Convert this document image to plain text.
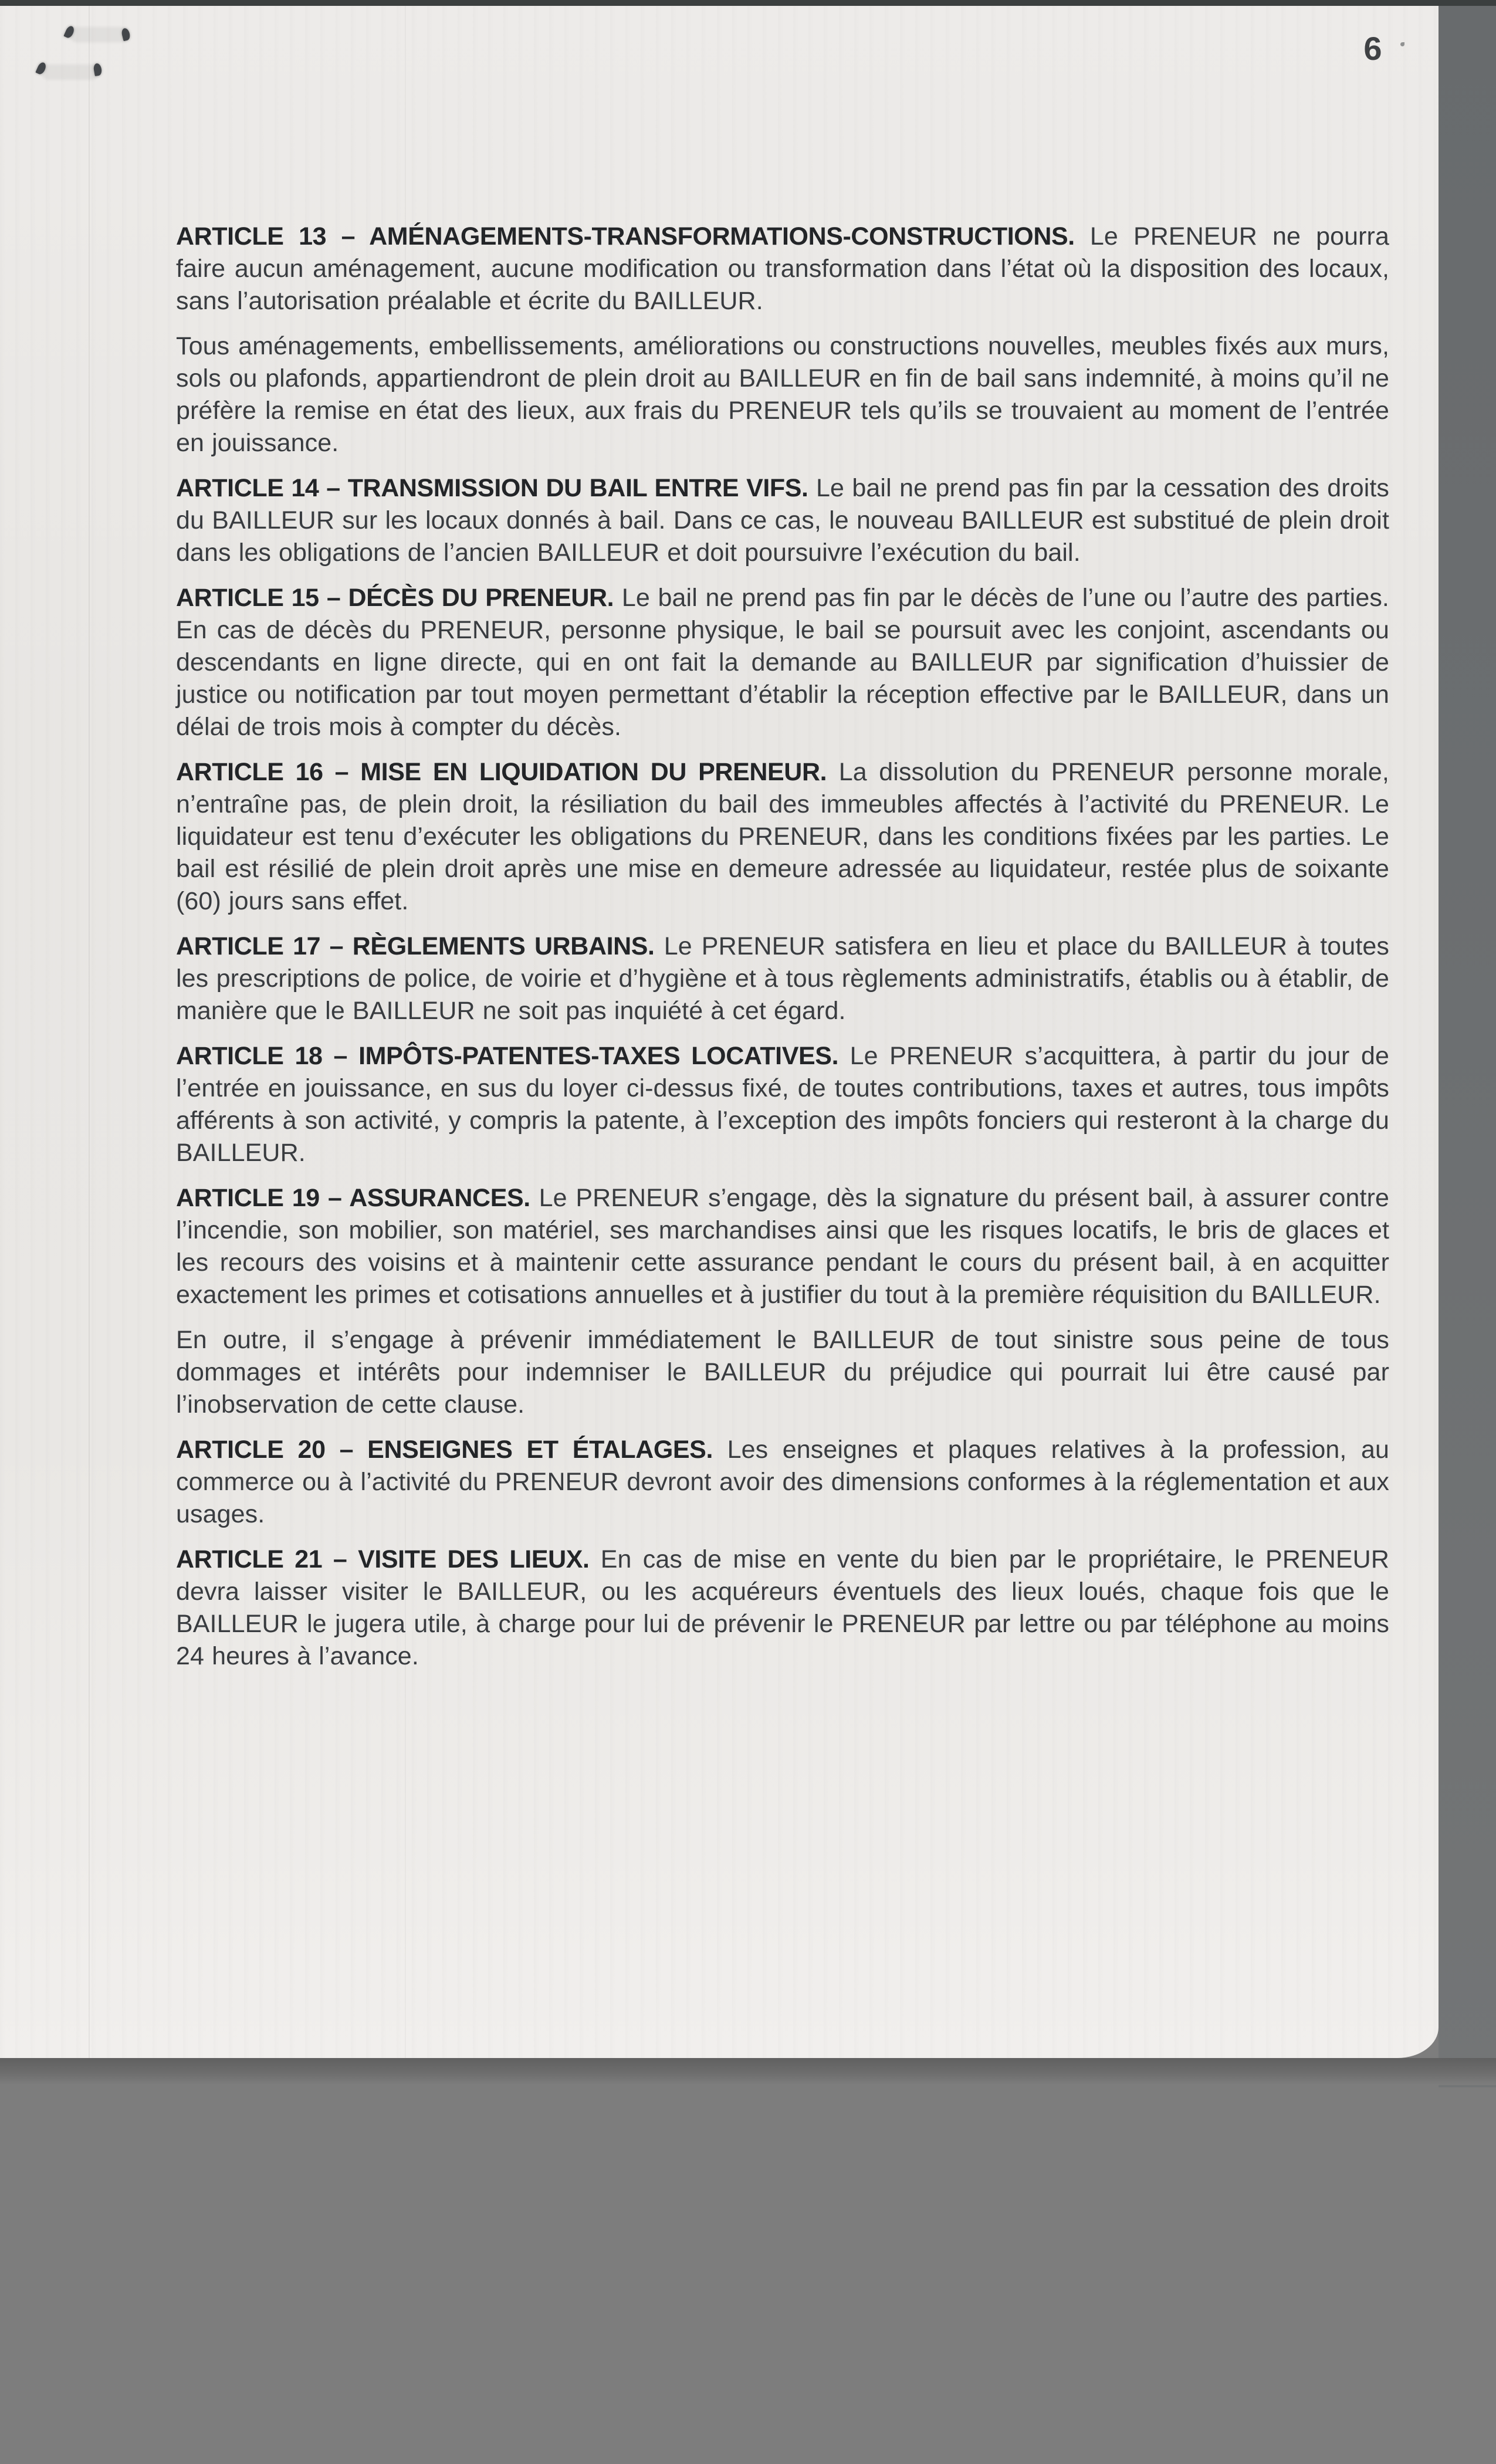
6

ARTICLE 13 – AMÉNAGEMENTS-TRANSFORMATIONS-CONSTRUCTIONS. Le PRENEUR ne pourra faire aucun aménagement, aucune modification ou transformation dans l’état où la disposition des locaux, sans l’autorisation préalable et écrite du BAILLEUR.

Tous aménagements, embellissements, améliorations ou constructions nouvelles, meubles fixés aux murs, sols ou plafonds, appartiendront de plein droit au BAILLEUR en fin de bail sans indemnité, à moins qu’il ne préfère la remise en état des lieux, aux frais du PRENEUR tels qu’ils se trouvaient au moment de l’entrée en jouissance.

ARTICLE 14 – TRANSMISSION DU BAIL ENTRE VIFS. Le bail ne prend pas fin par la cessation des droits du BAILLEUR sur les locaux donnés à bail. Dans ce cas, le nouveau BAILLEUR est substitué de plein droit dans les obligations de l’ancien BAILLEUR et doit poursuivre l’exécution du bail.

ARTICLE 15 – DÉCÈS DU PRENEUR. Le bail ne prend pas fin par le décès de l’une ou l’autre des parties. En cas de décès du PRENEUR, personne physique, le bail se poursuit avec les conjoint, ascendants ou descendants en ligne directe, qui en ont fait la demande au BAILLEUR par signification d’huissier de justice ou notification par tout moyen permettant d’établir la réception effective par le BAILLEUR, dans un délai de trois mois à compter du décès.

ARTICLE 16 – MISE EN LIQUIDATION DU PRENEUR. La dissolution du PRENEUR personne morale, n’entraîne pas, de plein droit, la résiliation du bail des immeubles affectés à l’activité du PRENEUR. Le liquidateur est tenu d’exécuter les obligations du PRENEUR, dans les conditions fixées par les parties. Le bail est résilié de plein droit après une mise en demeure adressée au liquidateur, restée plus de soixante (60) jours sans effet.

ARTICLE 17 – RÈGLEMENTS URBAINS. Le PRENEUR satisfera en lieu et place du BAILLEUR à toutes les prescriptions de police, de voirie et d’hygiène et à tous règlements administratifs, établis ou à établir, de manière que le BAILLEUR ne soit pas inquiété à cet égard.

ARTICLE 18 – IMPÔTS-PATENTES-TAXES LOCATIVES. Le PRENEUR s’acquittera, à partir du jour de l’entrée en jouissance, en sus du loyer ci-dessus fixé, de toutes contributions, taxes et autres, tous impôts afférents à son activité, y compris la patente, à l’exception des impôts fonciers qui resteront à la charge du BAILLEUR.

ARTICLE 19 – ASSURANCES. Le PRENEUR s’engage, dès la signature du présent bail, à assurer contre l’incendie, son mobilier, son matériel, ses marchandises ainsi que les risques locatifs, le bris de glaces et les recours des voisins et à maintenir cette assurance pendant le cours du présent bail, à en acquitter exactement les primes et cotisations annuelles et à justifier du tout à la première réquisition du BAILLEUR.

En outre, il s’engage à prévenir immédiatement le BAILLEUR de tout sinistre sous peine de tous dommages et intérêts pour indemniser le BAILLEUR du préjudice qui pourrait lui être causé par l’inobservation de cette clause.

ARTICLE 20 – ENSEIGNES ET ÉTALAGES. Les enseignes et plaques relatives à la profession, au commerce ou à l’activité du PRENEUR devront avoir des dimensions conformes à la réglementation et aux usages.

ARTICLE 21 – VISITE DES LIEUX. En cas de mise en vente du bien par le propriétaire, le PRENEUR devra laisser visiter le BAILLEUR, ou les acquéreurs éventuels des lieux loués, chaque fois que le BAILLEUR le jugera utile, à charge pour lui de prévenir le PRENEUR par lettre ou par téléphone au moins 24 heures à l’avance.
